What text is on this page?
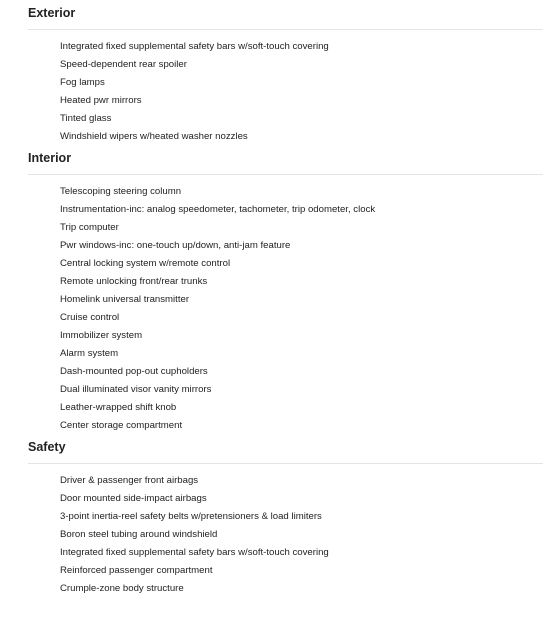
Exterior
Integrated fixed supplemental safety bars w/soft-touch covering
Speed-dependent rear spoiler
Fog lamps
Heated pwr mirrors
Tinted glass
Windshield wipers w/heated washer nozzles
Interior
Telescoping steering column
Instrumentation-inc: analog speedometer, tachometer, trip odometer, clock
Trip computer
Pwr windows-inc: one-touch up/down, anti-jam feature
Central locking system w/remote control
Remote unlocking front/rear trunks
Homelink universal transmitter
Cruise control
Immobilizer system
Alarm system
Dash-mounted pop-out cupholders
Dual illuminated visor vanity mirrors
Leather-wrapped shift knob
Center storage compartment
Safety
Driver & passenger front airbags
Door mounted side-impact airbags
3-point inertia-reel safety belts w/pretensioners & load limiters
Boron steel tubing around windshield
Integrated fixed supplemental safety bars w/soft-touch covering
Reinforced passenger compartment
Crumple-zone body structure
